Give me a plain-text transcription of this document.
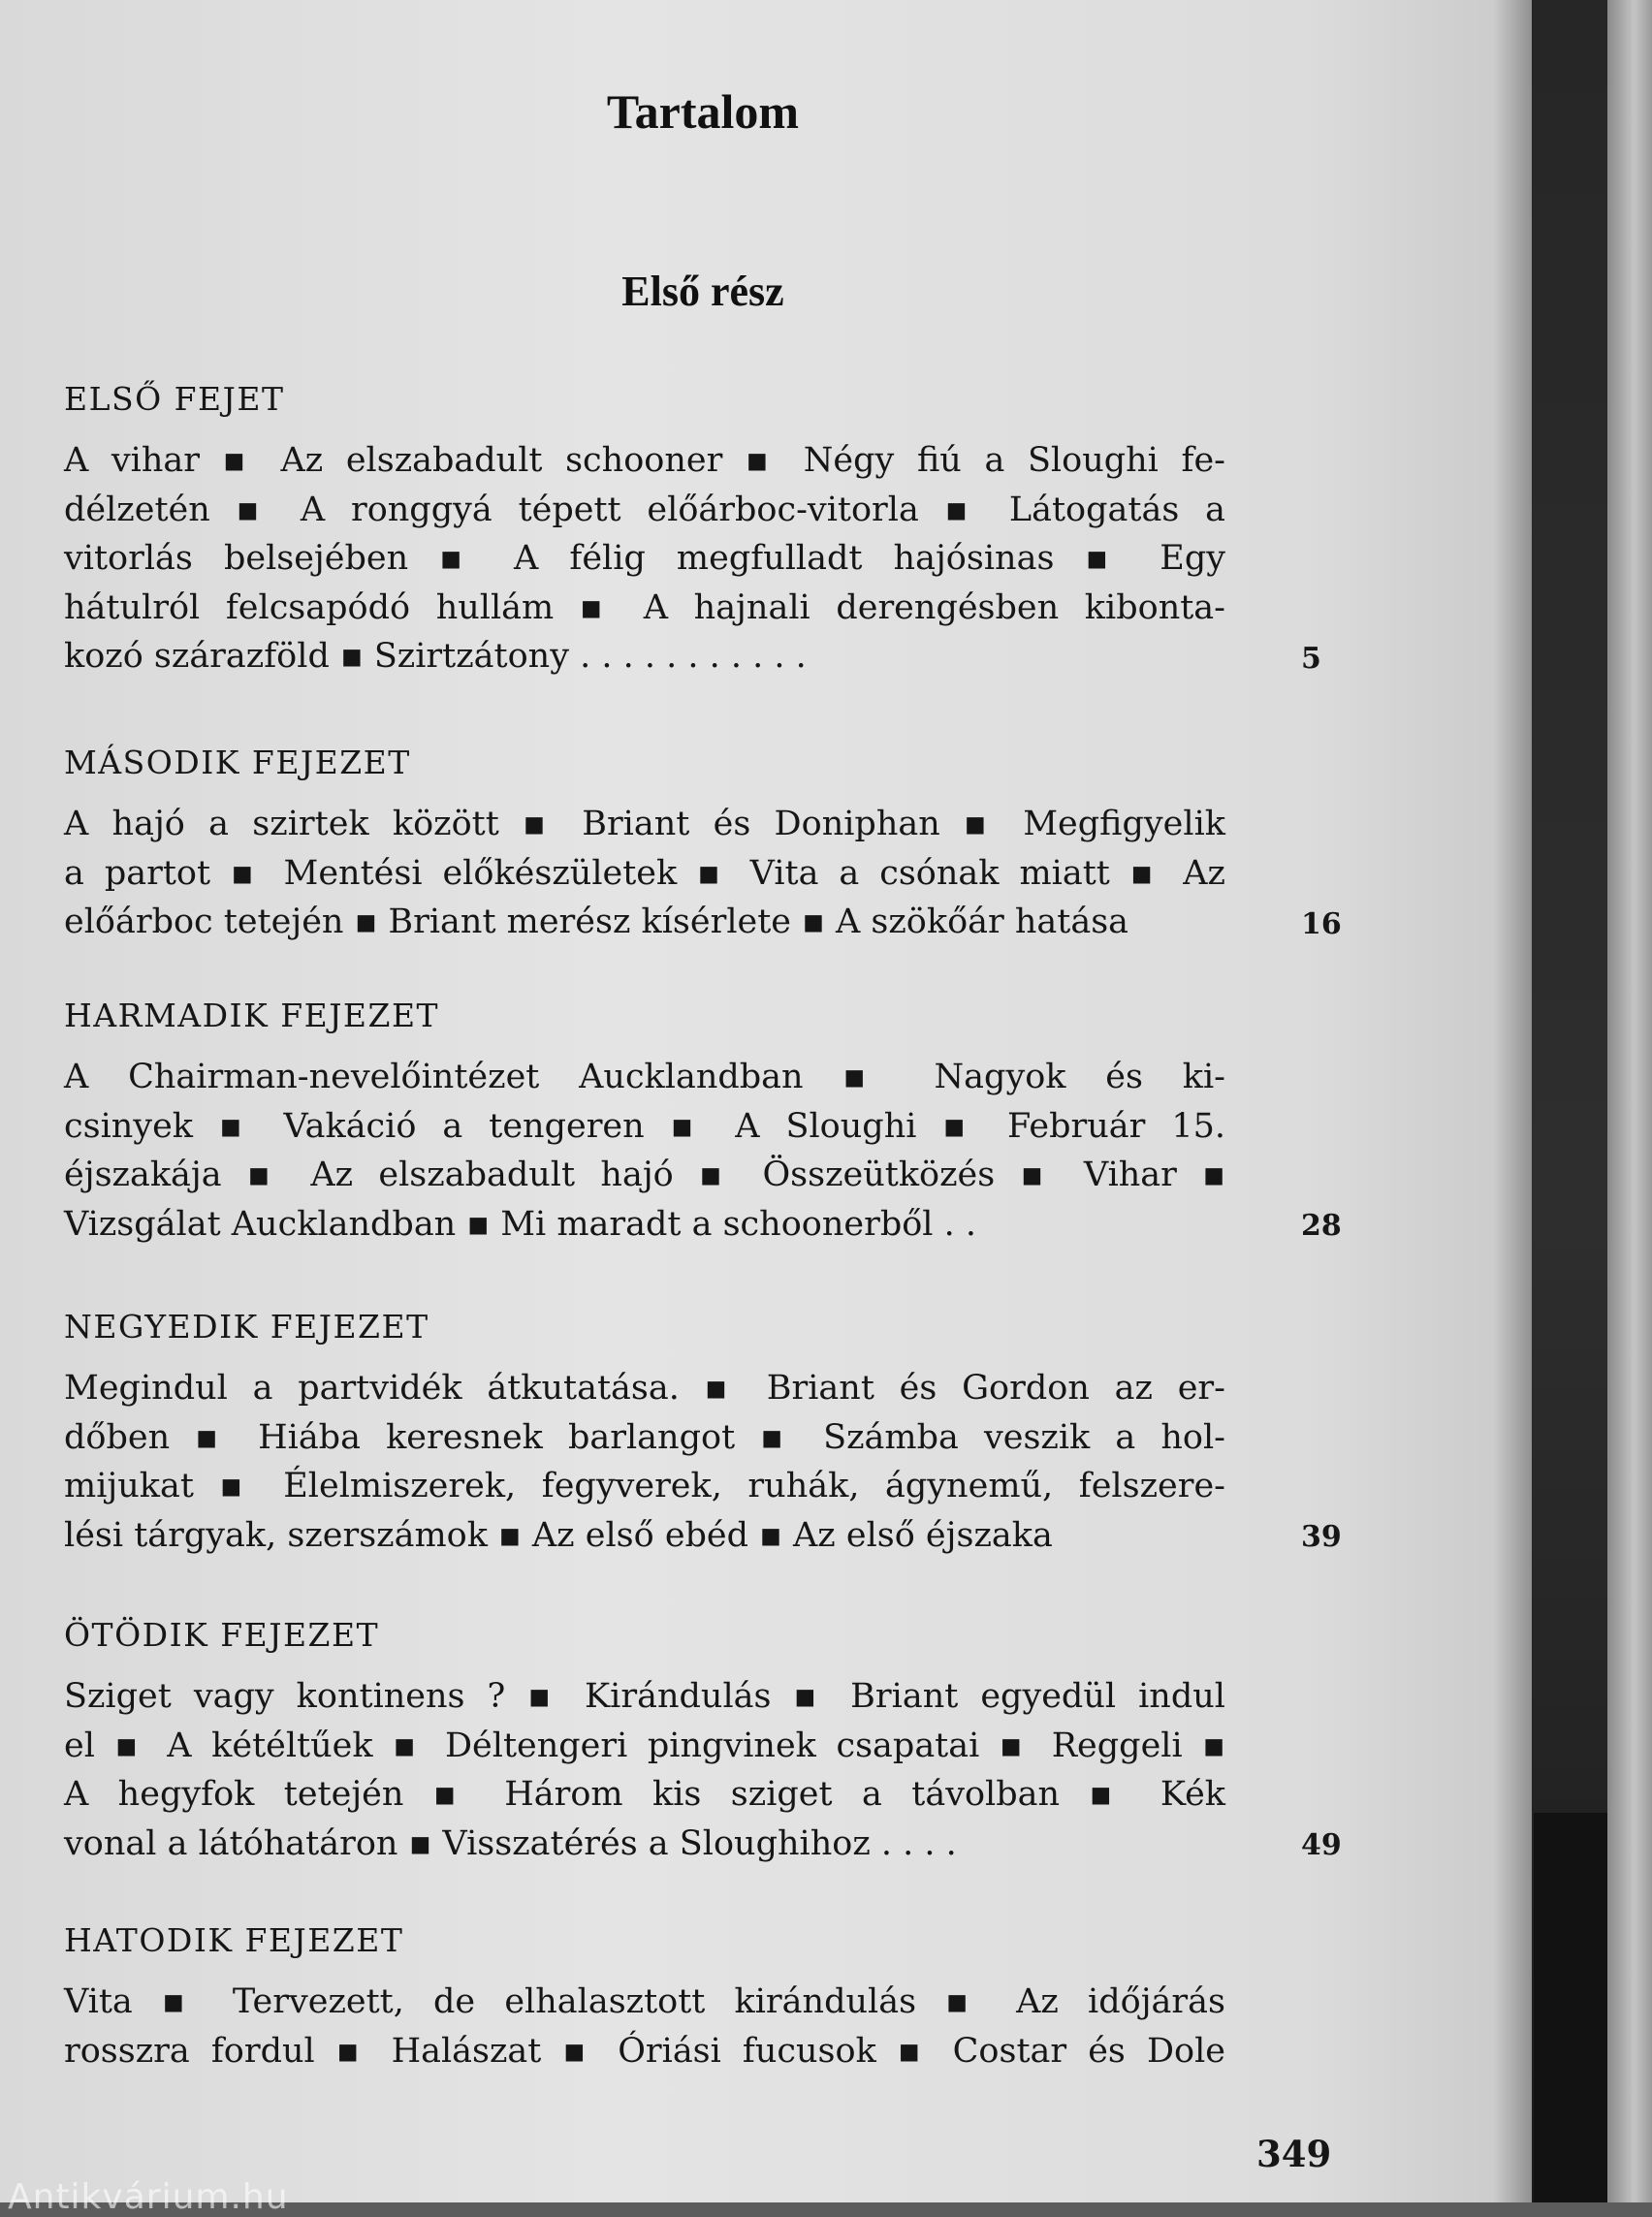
Tartalom
Első rész
ELSŐ FEJET
A vihar ▪ Az elszabadult schooner ▪ Négy fiú a Sloughi fe-
délzetén ▪ A ronggyá tépett előárboc-vitorla ▪ Látogatás a
vitorlás belsejében ▪ A félig megfulladt hajósinas ▪ Egy
hátulról felcsapódó hullám ▪ A hajnali derengésben kibonta-
kozó szárazföld ▪ Szirtzátony . . . . . . . . . . .	5
MÁSODIK FEJEZET
A hajó a szirtek között ▪ Briant és Doniphan ▪ Megfigyelik
a partot ▪ Mentési előkészületek ▪ Vita a csónak miatt ▪ Az
előárboc tetején ▪ Briant merész kísérlete ▪ A szökőár hatása	16
HARMADIK FEJEZET
A Chairman-nevelőintézet Aucklandban ▪ Nagyok és ki-
csinyek ▪ Vakáció a tengeren ▪ A Sloughi ▪ Február 15.
éjszakája ▪ Az elszabadult hajó ▪ Összeütközés ▪ Vihar ▪
Vizsgálat Aucklandban ▪ Mi maradt a schoonerből . .	28
NEGYEDIK FEJEZET
Megindul a partvidék átkutatása. ▪ Briant és Gordon az er-
dőben ▪ Hiába keresnek barlangot ▪ Számba veszik a hol-
mijukat ▪ Élelmiszerek, fegyverek, ruhák, ágynemű, felszere-
lési tárgyak, szerszámok ▪ Az első ebéd ▪ Az első éjszaka	39
ÖTÖDIK FEJEZET
Sziget vagy kontinens ? ▪ Kirándulás ▪ Briant egyedül indul
el ▪ A kétéltűek ▪ Déltengeri pingvinek csapatai ▪ Reggeli ▪
A hegyfok tetején ▪ Három kis sziget a távolban ▪ Kék
vonal a látóhatáron ▪ Visszatérés a Sloughihoz . . . .	49
HATODIK FEJEZET
Vita ▪ Tervezett, de elhalasztott kirándulás ▪ Az időjárás
rosszra fordul ▪ Halászat ▪ Óriási fucusok ▪ Costar és Dole
349
Antikvárium.hu
